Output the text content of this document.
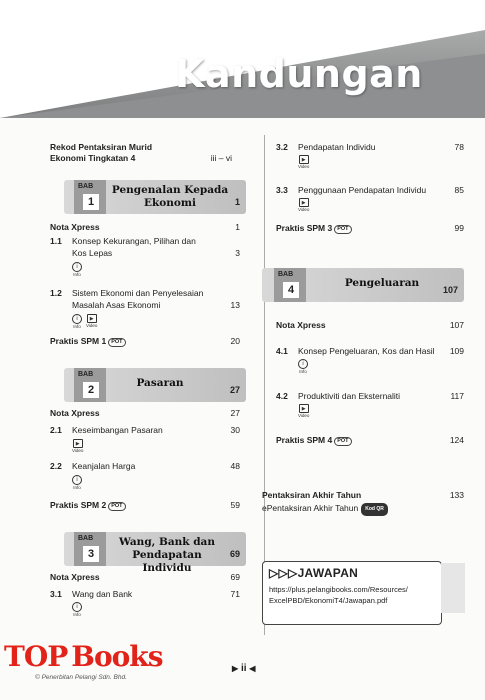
Kandungan
Rekod Pentaksiran Murid
Ekonomi Tingkatan 4	iii – vi
BAB
1
Pengenalan Kepada
Ekonomi	1
Nota Xpress	1
1.1 Konsep Kekurangan, Pilihan dan
Kos Lepas	3
i
Info
1.2 Sistem Ekonomi dan Penyelesaian
Masalah Asas Ekonomi	13
i
Info
▶
Video
Praktis SPM 1 POT	20
BAB
2
Pasaran
27
Nota Xpress	27
2.1 Keseimbangan Pasaran	30
▶
Video
2.2 Keanjalan Harga	48
i
Info
Praktis SPM 2 POT	59
BAB
3
Wang, Bank dan
Pendapatan Individu
69
Nota Xpress	69
3.1 Wang dan Bank	71
i
Info
3.2 Pendapatan Individu	78
▶
Video
3.3 Penggunaan Pendapatan Individu	85
▶
Video
Praktis SPM 3 POT	99
BAB
4
Pengeluaran
107
Nota Xpress	107
4.1 Konsep Pengeluaran, Kos dan Hasil 109
i
Info
4.2 Produktiviti dan Eksternaliti	117
▶
Video
Praktis SPM 4 POT	124
Pentaksiran Akhir Tahun	133
ePentaksiran Akhir Tahun Kod QR
▷▷▷JAWAPAN
https://plus.pelangibooks.com/Resources/
ExcelPBD/EkonomiT4/Jawapan.pdf
TOP Books
© Penerbitan Pelangi Sdn. Bhd.
▶ ii ◀
